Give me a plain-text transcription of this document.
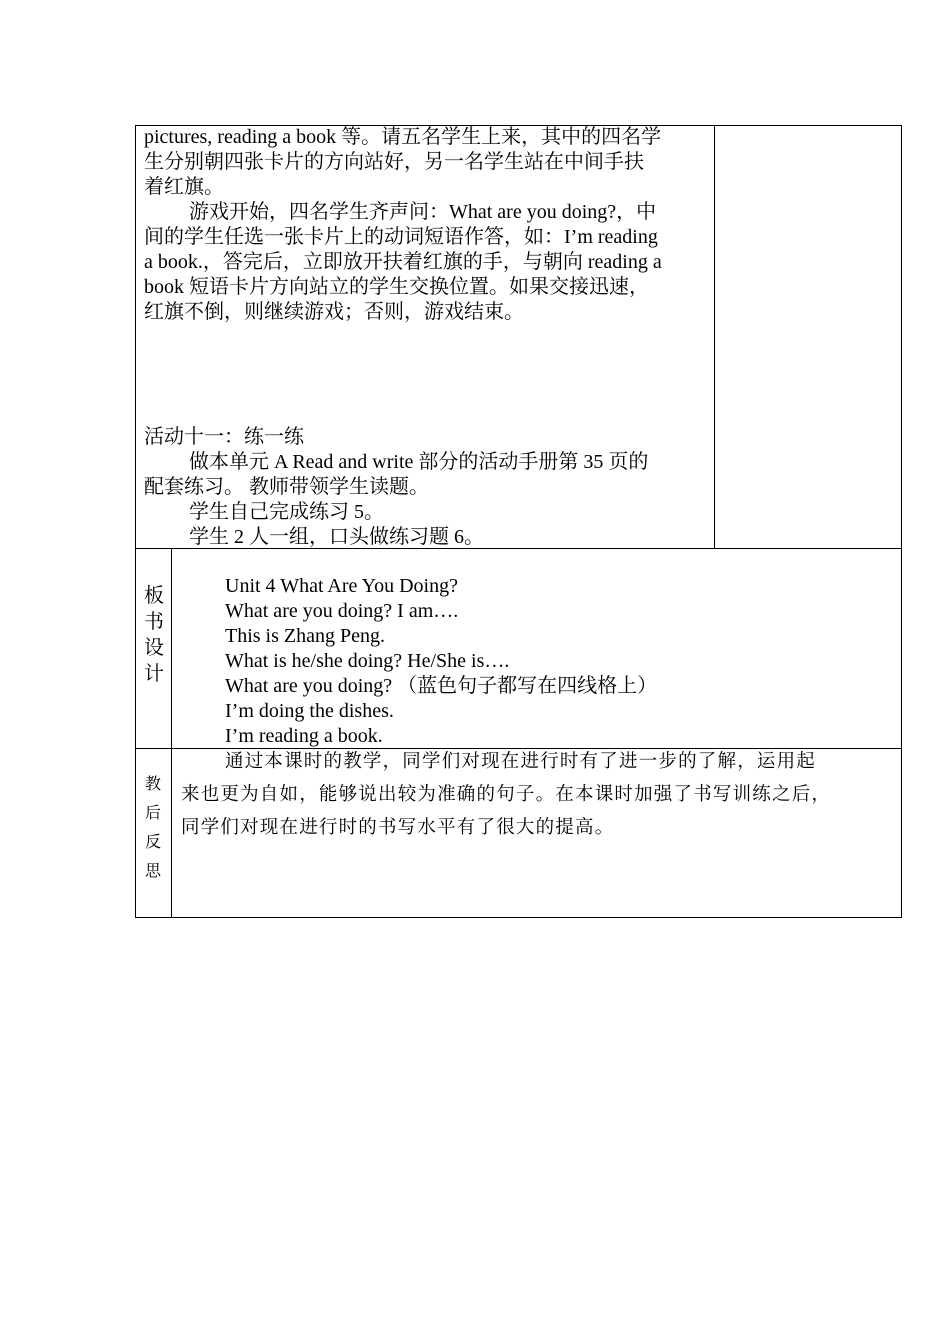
pictures, reading a book 等。请五名学生上来，其中的四名学

生分别朝四张卡片的方向站好，另一名学生站在中间手扶

着红旗。

游戏开始，四名学生齐声问：What are you doing?，中

间的学生任选一张卡片上的动词短语作答，如：I’m reading

a book.，答完后，立即放开扶着红旗的手，与朝向 reading a

book 短语卡片方向站立的学生交换位置。如果交接迅速，

红旗不倒，则继续游戏；否则，游戏结束。

活动十一：练一练

做本单元 A Read and write 部分的活动手册第 35 页的

配套练习。 教师带领学生读题。

学生自己完成练习 5。

学生 2 人一组，口头做练习题 6。

板
书
设
计

Unit 4 What Are You Doing?

What are you doing? I am….

This is Zhang Peng.

What is he/she doing? He/She is….

What are you doing? （蓝色句子都写在四线格上）

I’m doing the dishes.

I’m reading a book.

教
后
反
思

通过本课时的教学，同学们对现在进行时有了进一步的了解，运用起

来也更为自如，能够说出较为准确的句子。在本课时加强了书写训练之后，

同学们对现在进行时的书写水平有了很大的提高。
